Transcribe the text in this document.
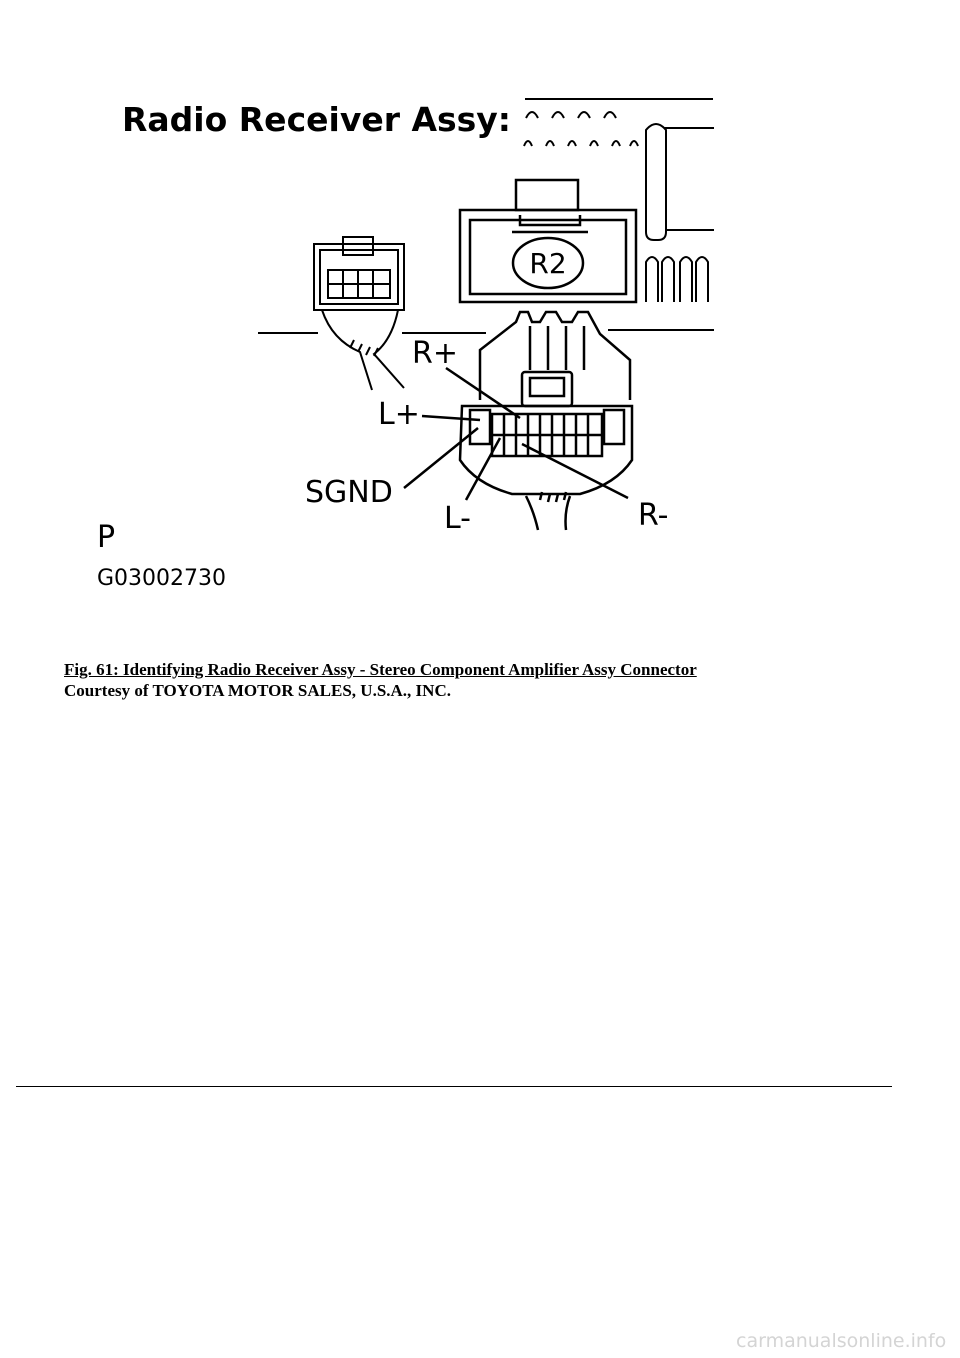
Radio Receiver Assy:
R2
R+
L+
SGND
L-	R-
P
G03002730
Fig. 61: Identifying Radio Receiver Assy - Stereo Component Amplifier Assy Connector
Courtesy of TOYOTA MOTOR SALES, U.S.A., INC.
carmanualsonline.info
